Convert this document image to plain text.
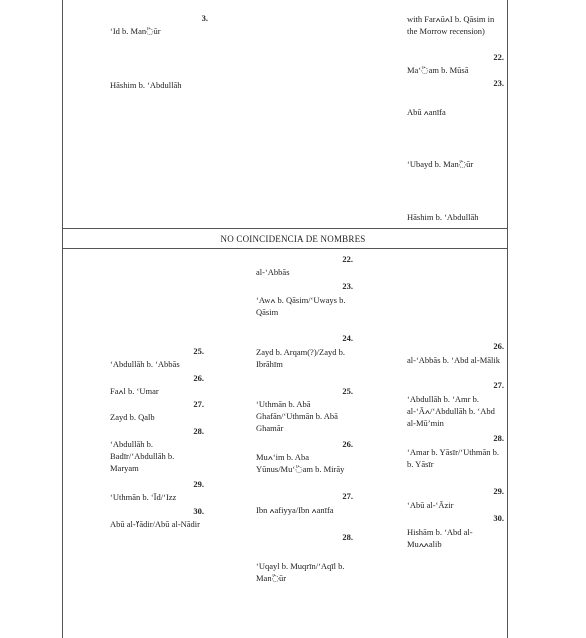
3.
‘Id b. Man߳ūr
Hāshim b. ‘Abdullāh
with FarߍūߍI b. Qāsim in the Morrow recension)
22.
Ma‘߳am b. Mūsā
23.
Abū ߍanīfa
‘Ubayd b. Man߳ūr
Hāshim b. ‘Abdullāh
NO COINCIDENCIA DE NOMBRES
25.
‘Abdullāh b. ‘Abbās
26.
Faߍl b. ‘Umar
27.
Zayd b. Qalb
28.
‘Abdullāh b. Badīr/‘Abdullāh b. Maryam
29.
‘Uthmān b. ‘Īd/‘Izz
30.
Abū al-ߌādir/Abū al-Nādir
22.
al-‘Abbās
23.
‘Awߍ b. Qāsim/‘Uways b. Qāsim
24.
Zayd b. Arqam(?)/Zayd b. Ibrāhīm
25.
‘Uthmān b. Abā Ghafān/‘Uthmān b. Abā Ghamār
26.
Muߍ‘im b. Aba Yūnus/Mu‘߳am b. Mirāy
27.
Ibn ߍafiyya/Ibn ߍanīfa
28.
‘Uqayl b. Muqrīn/‘Aqīl b. Man߳ūr
26.
al-‘Abbās b. ‘Abd al-Mālik
27.
‘Abdullāh b. ‘Amr b. al-‘Āߍ/‘Abdullāh b. ‘Abd al-Mū’min
28.
‘Amar b. Yāsīr/‘Uthmān b. b. Yāsīr
29.
‘Abū al-‘Āzir
30.
Hishām b. ‘Abd al-Muߍߍalib
